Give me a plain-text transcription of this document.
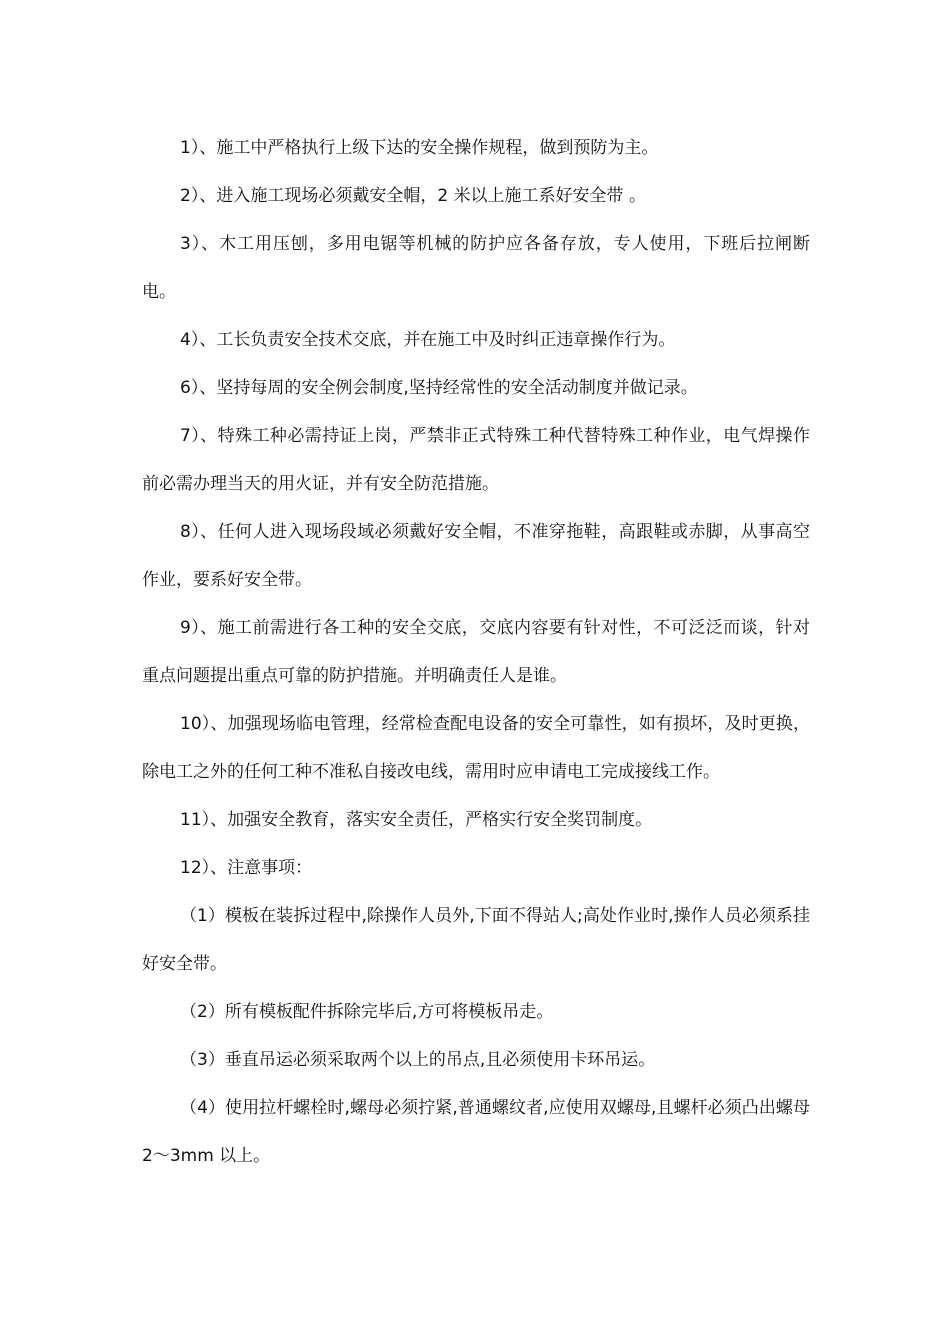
1）、施工中严格执行上级下达的安全操作规程，做到预防为主。

2）、进入施工现场必须戴安全帽，2 米以上施工系好安全带 。

3）、木工用压刨，多用电锯等机械的防护应各备存放，专人使用，下班后拉闸断电。

4）、工长负责安全技术交底，并在施工中及时纠正违章操作行为。

6）、坚持每周的安全例会制度,坚持经常性的安全活动制度并做记录。

7）、特殊工种必需持证上岗，严禁非正式特殊工种代替特殊工种作业，电气焊操作前必需办理当天的用火证，并有安全防范措施。

8）、任何人进入现场段域必须戴好安全帽，不准穿拖鞋，高跟鞋或赤脚，从事高空作业，要系好安全带。

9）、施工前需进行各工种的安全交底，交底内容要有针对性，不可泛泛而谈，针对重点问题提出重点可靠的防护措施。并明确责任人是谁。

10）、加强现场临电管理，经常检查配电设备的安全可靠性，如有损坏，及时更换，除电工之外的任何工种不准私自接改电线，需用时应申请电工完成接线工作。

11）、加强安全教育，落实安全责任，严格实行安全奖罚制度。

12）、注意事项：

（1）模板在装拆过程中,除操作人员外,下面不得站人;高处作业时,操作人员必须系挂好安全带。

（2）所有模板配件拆除完毕后,方可将模板吊走。

（3）垂直吊运必须采取两个以上的吊点,且必须使用卡环吊运。

（4）使用拉杆螺栓时,螺母必须拧紧,普通螺纹者,应使用双螺母,且螺杆必须凸出螺母 2～3mm 以上。
